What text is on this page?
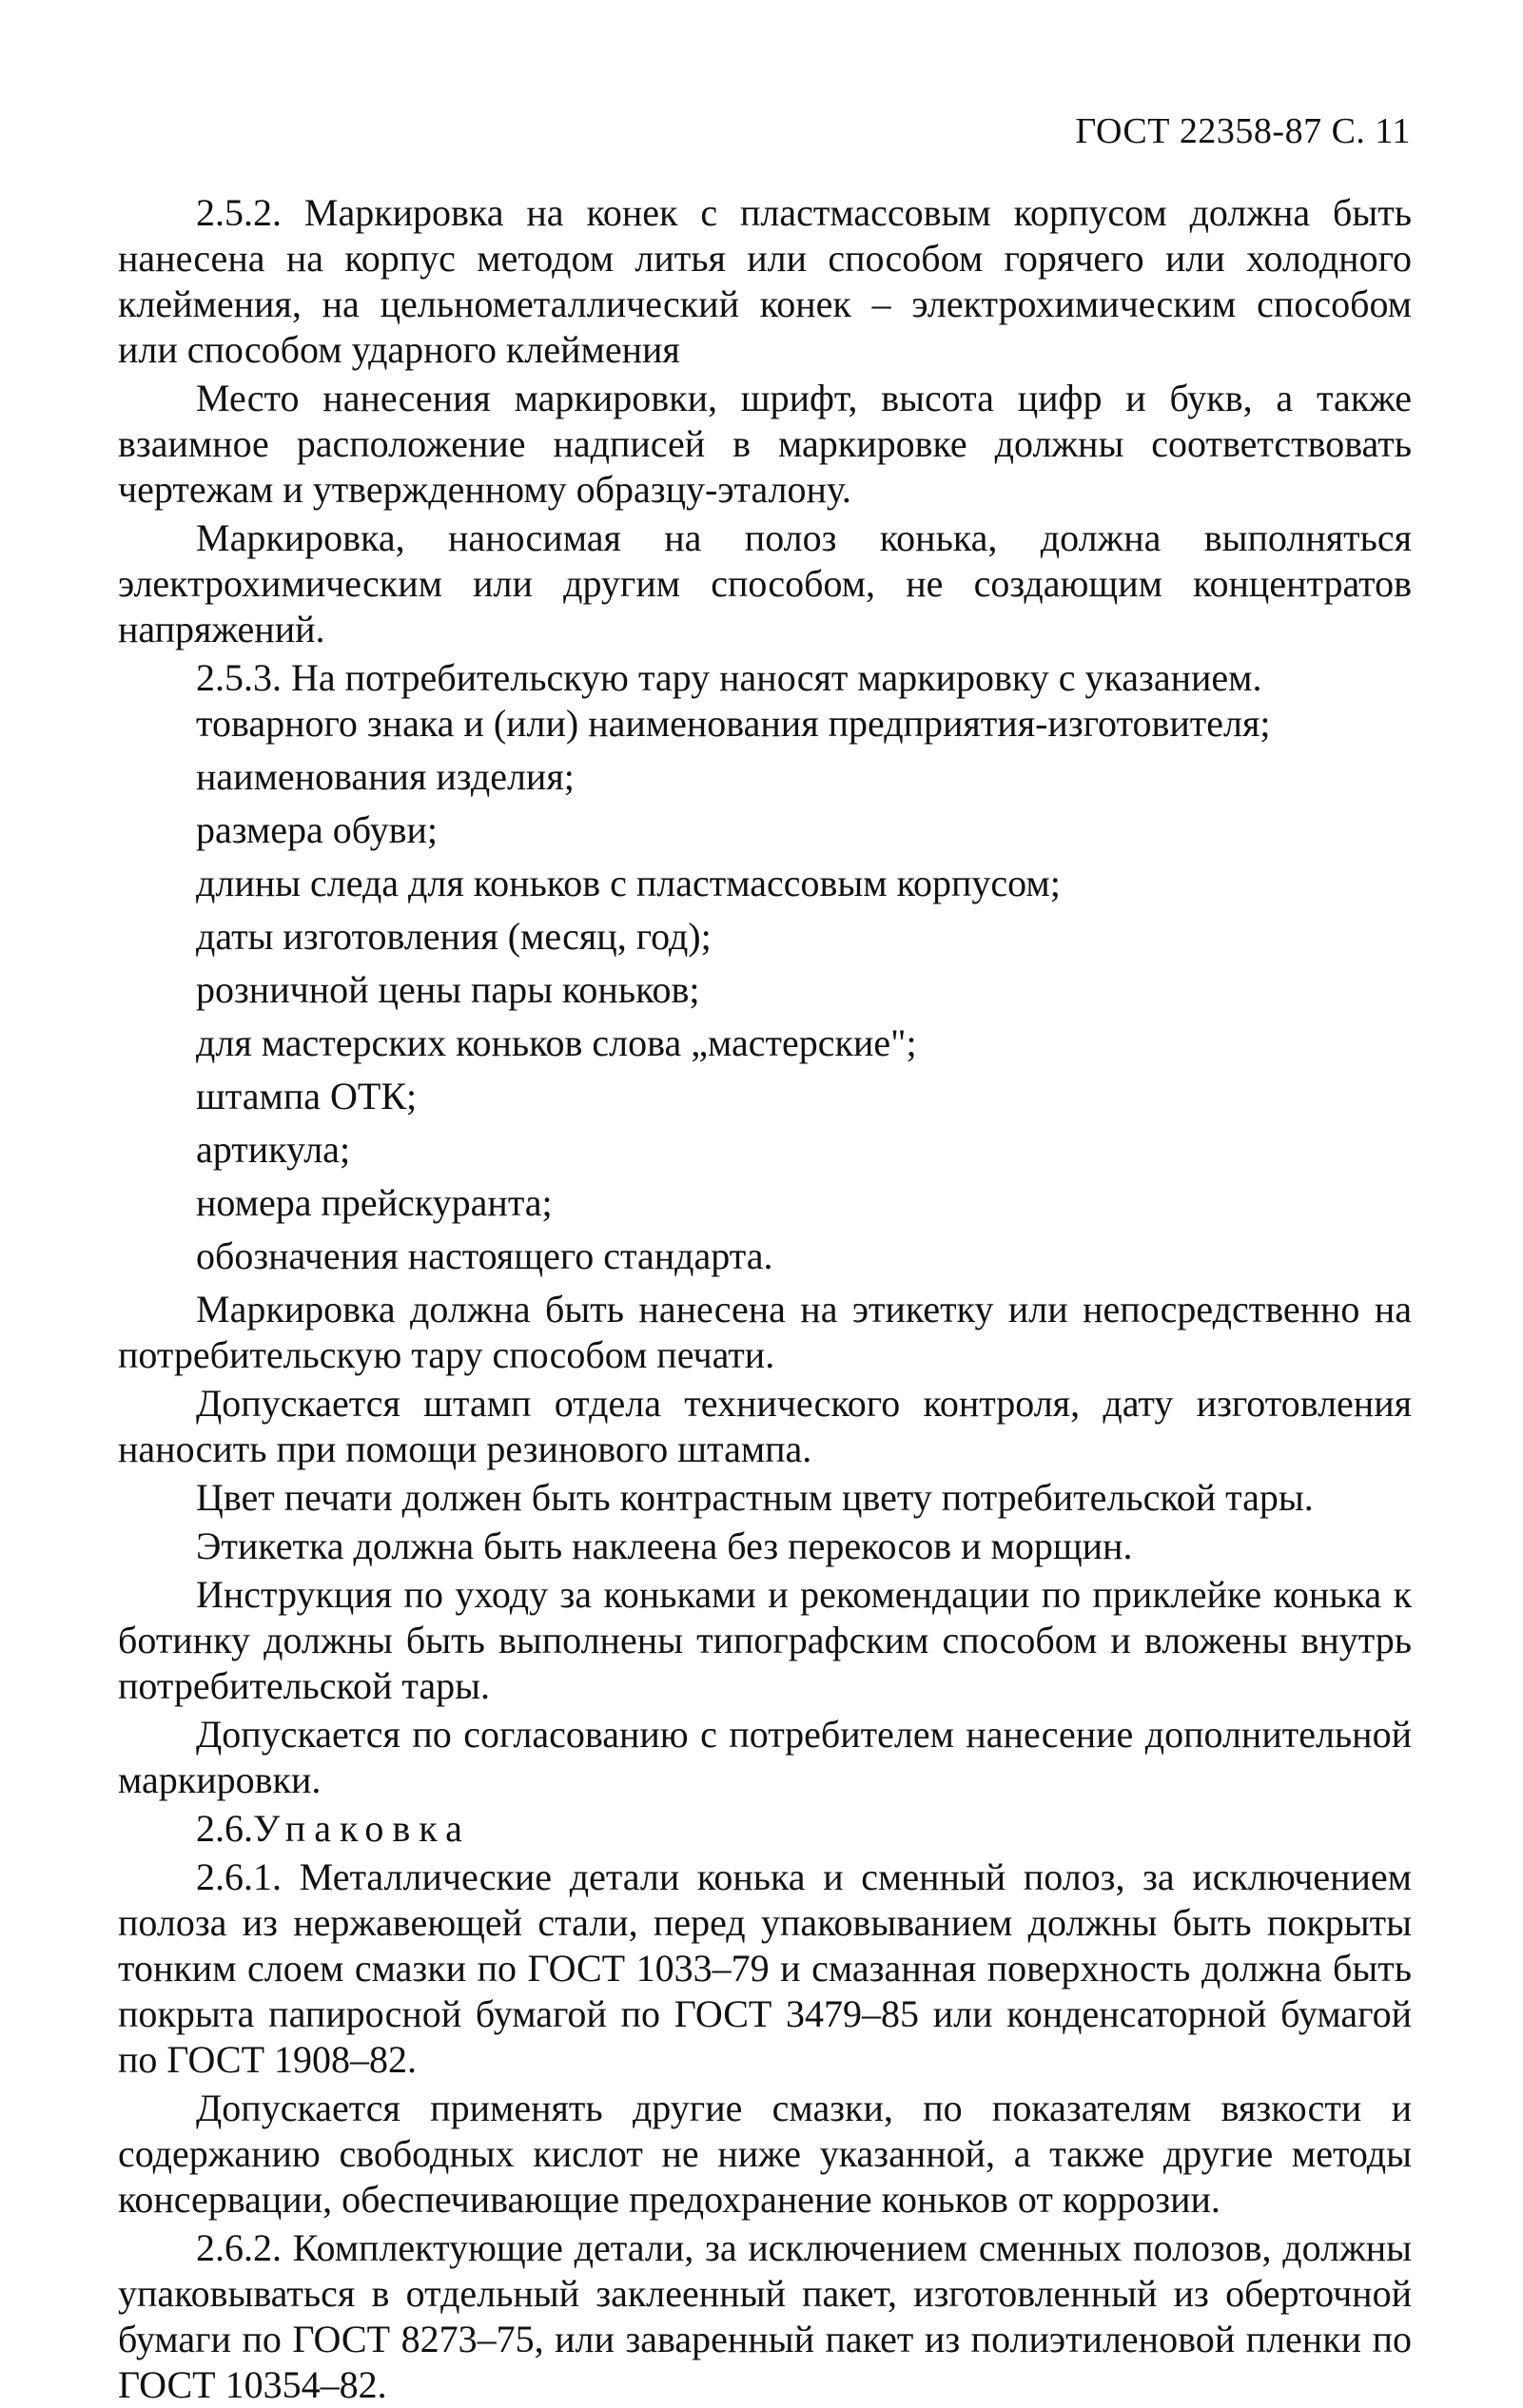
ГОСТ 22358-87 С. 11

2.5.2. Маркировка на конек с пластмассовым корпусом должна быть нанесена на корпус методом литья или способом горячего или холодного клеймения, на цельнометаллический конек – электрохимическим способом или способом ударного клеймения

Место нанесения маркировки, шрифт, высота цифр и букв, а также взаимное расположение надписей в маркировке должны соответствовать чертежам и утвержденному образцу-эталону.

Маркировка, наносимая на полоз конька, должна выполняться электрохимическим или другим способом, не создающим концентратов напряжений.

2.5.3. На потребительскую тару наносят маркировку с указанием.

товарного знака и (или) наименования предприятия-изготовителя;

наименования изделия;

размера обуви;

длины следа для коньков с пластмассовым корпусом;

даты изготовления (месяц, год);

розничной цены пары коньков;

для мастерских коньков слова „мастерские";

штампа ОТК;

артикула;

номера прейскуранта;

обозначения настоящего стандарта.

Маркировка должна быть нанесена на этикетку или непосредственно на потребительскую тару способом печати.

Допускается штамп отдела технического контроля, дату изготовления наносить при помощи резинового штампа.

Цвет печати должен быть контрастным цвету потребительской тары.

Этикетка должна быть наклеена без перекосов и морщин.

Инструкция по уходу за коньками и рекомендации по приклейке конька к ботинку должны быть выполнены типографским способом и вложены внутрь потребительской тары.

Допускается по согласованию с потребителем нанесение дополнительной маркировки.

2.6.Упаковка

2.6.1. Металлические детали конька и сменный полоз, за исключением полоза из нержавеющей стали, перед упаковыванием должны быть покрыты тонким слоем смазки по ГОСТ 1033–79 и смазанная поверхность должна быть покрыта папиросной бумагой по ГОСТ 3479–85 или конденсаторной бумагой по ГОСТ 1908–82.

Допускается применять другие смазки, по показателям вязкости и содержанию свободных кислот не ниже указанной, а также другие методы консервации, обеспечивающие предохранение коньков от коррозии.

2.6.2. Комплектующие детали, за исключением сменных полозов, должны упаковываться в отдельный заклеенный пакет, изготовленный из оберточной бумаги по ГОСТ 8273–75, или заваренный пакет из полиэтиленовой пленки по ГОСТ 10354–82.
